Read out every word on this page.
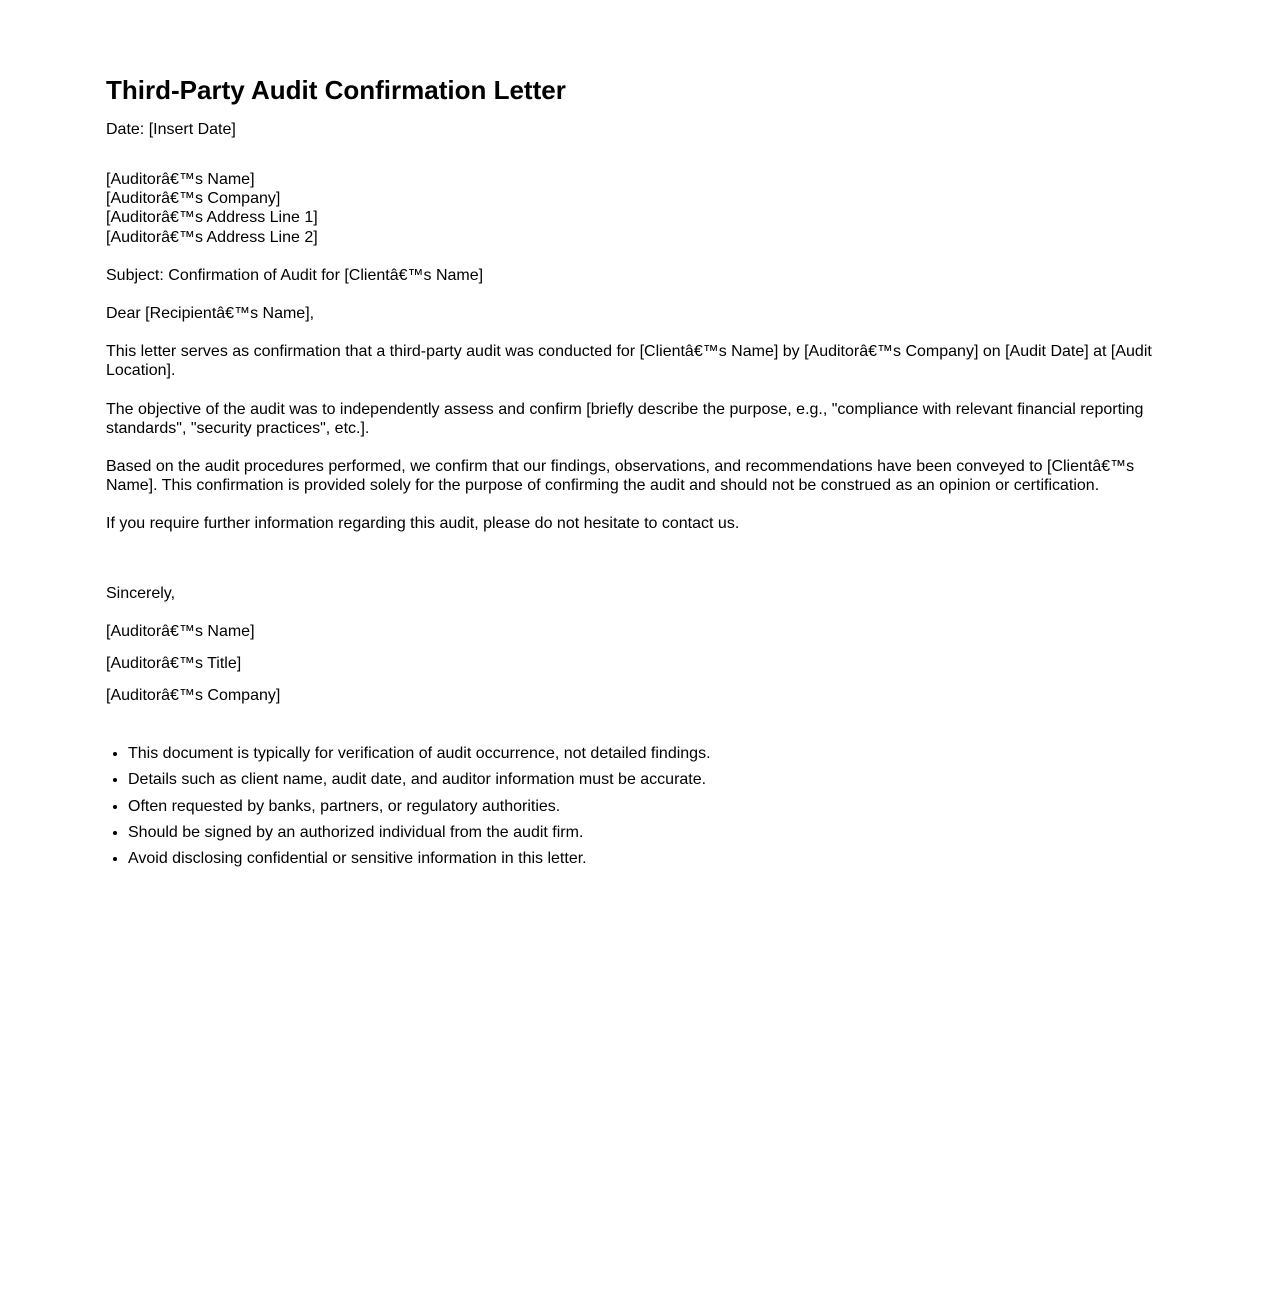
Third-Party Audit Confirmation Letter

Date: [Insert Date]

[Auditorâ€™s Name]
[Auditorâ€™s Company]
[Auditorâ€™s Address Line 1]
[Auditorâ€™s Address Line 2]

Subject: Confirmation of Audit for [Clientâ€™s Name]

Dear [Recipientâ€™s Name],

This letter serves as confirmation that a third-party audit was conducted for [Clientâ€™s Name] by [Auditorâ€™s Company] on [Audit Date] at [Audit Location].

The objective of the audit was to independently assess and confirm [briefly describe the purpose, e.g., "compliance with relevant financial reporting standards", "security practices", etc.].

Based on the audit procedures performed, we confirm that our findings, observations, and recommendations have been conveyed to [Clientâ€™s Name]. This confirmation is provided solely for the purpose of confirming the audit and should not be construed as an opinion or certification.

If you require further information regarding this audit, please do not hesitate to contact us.

Sincerely,

[Auditorâ€™s Name]

[Auditorâ€™s Title]

[Auditorâ€™s Company]

• This document is typically for verification of audit occurrence, not detailed findings.
• Details such as client name, audit date, and auditor information must be accurate.
• Often requested by banks, partners, or regulatory authorities.
• Should be signed by an authorized individual from the audit firm.
• Avoid disclosing confidential or sensitive information in this letter.
